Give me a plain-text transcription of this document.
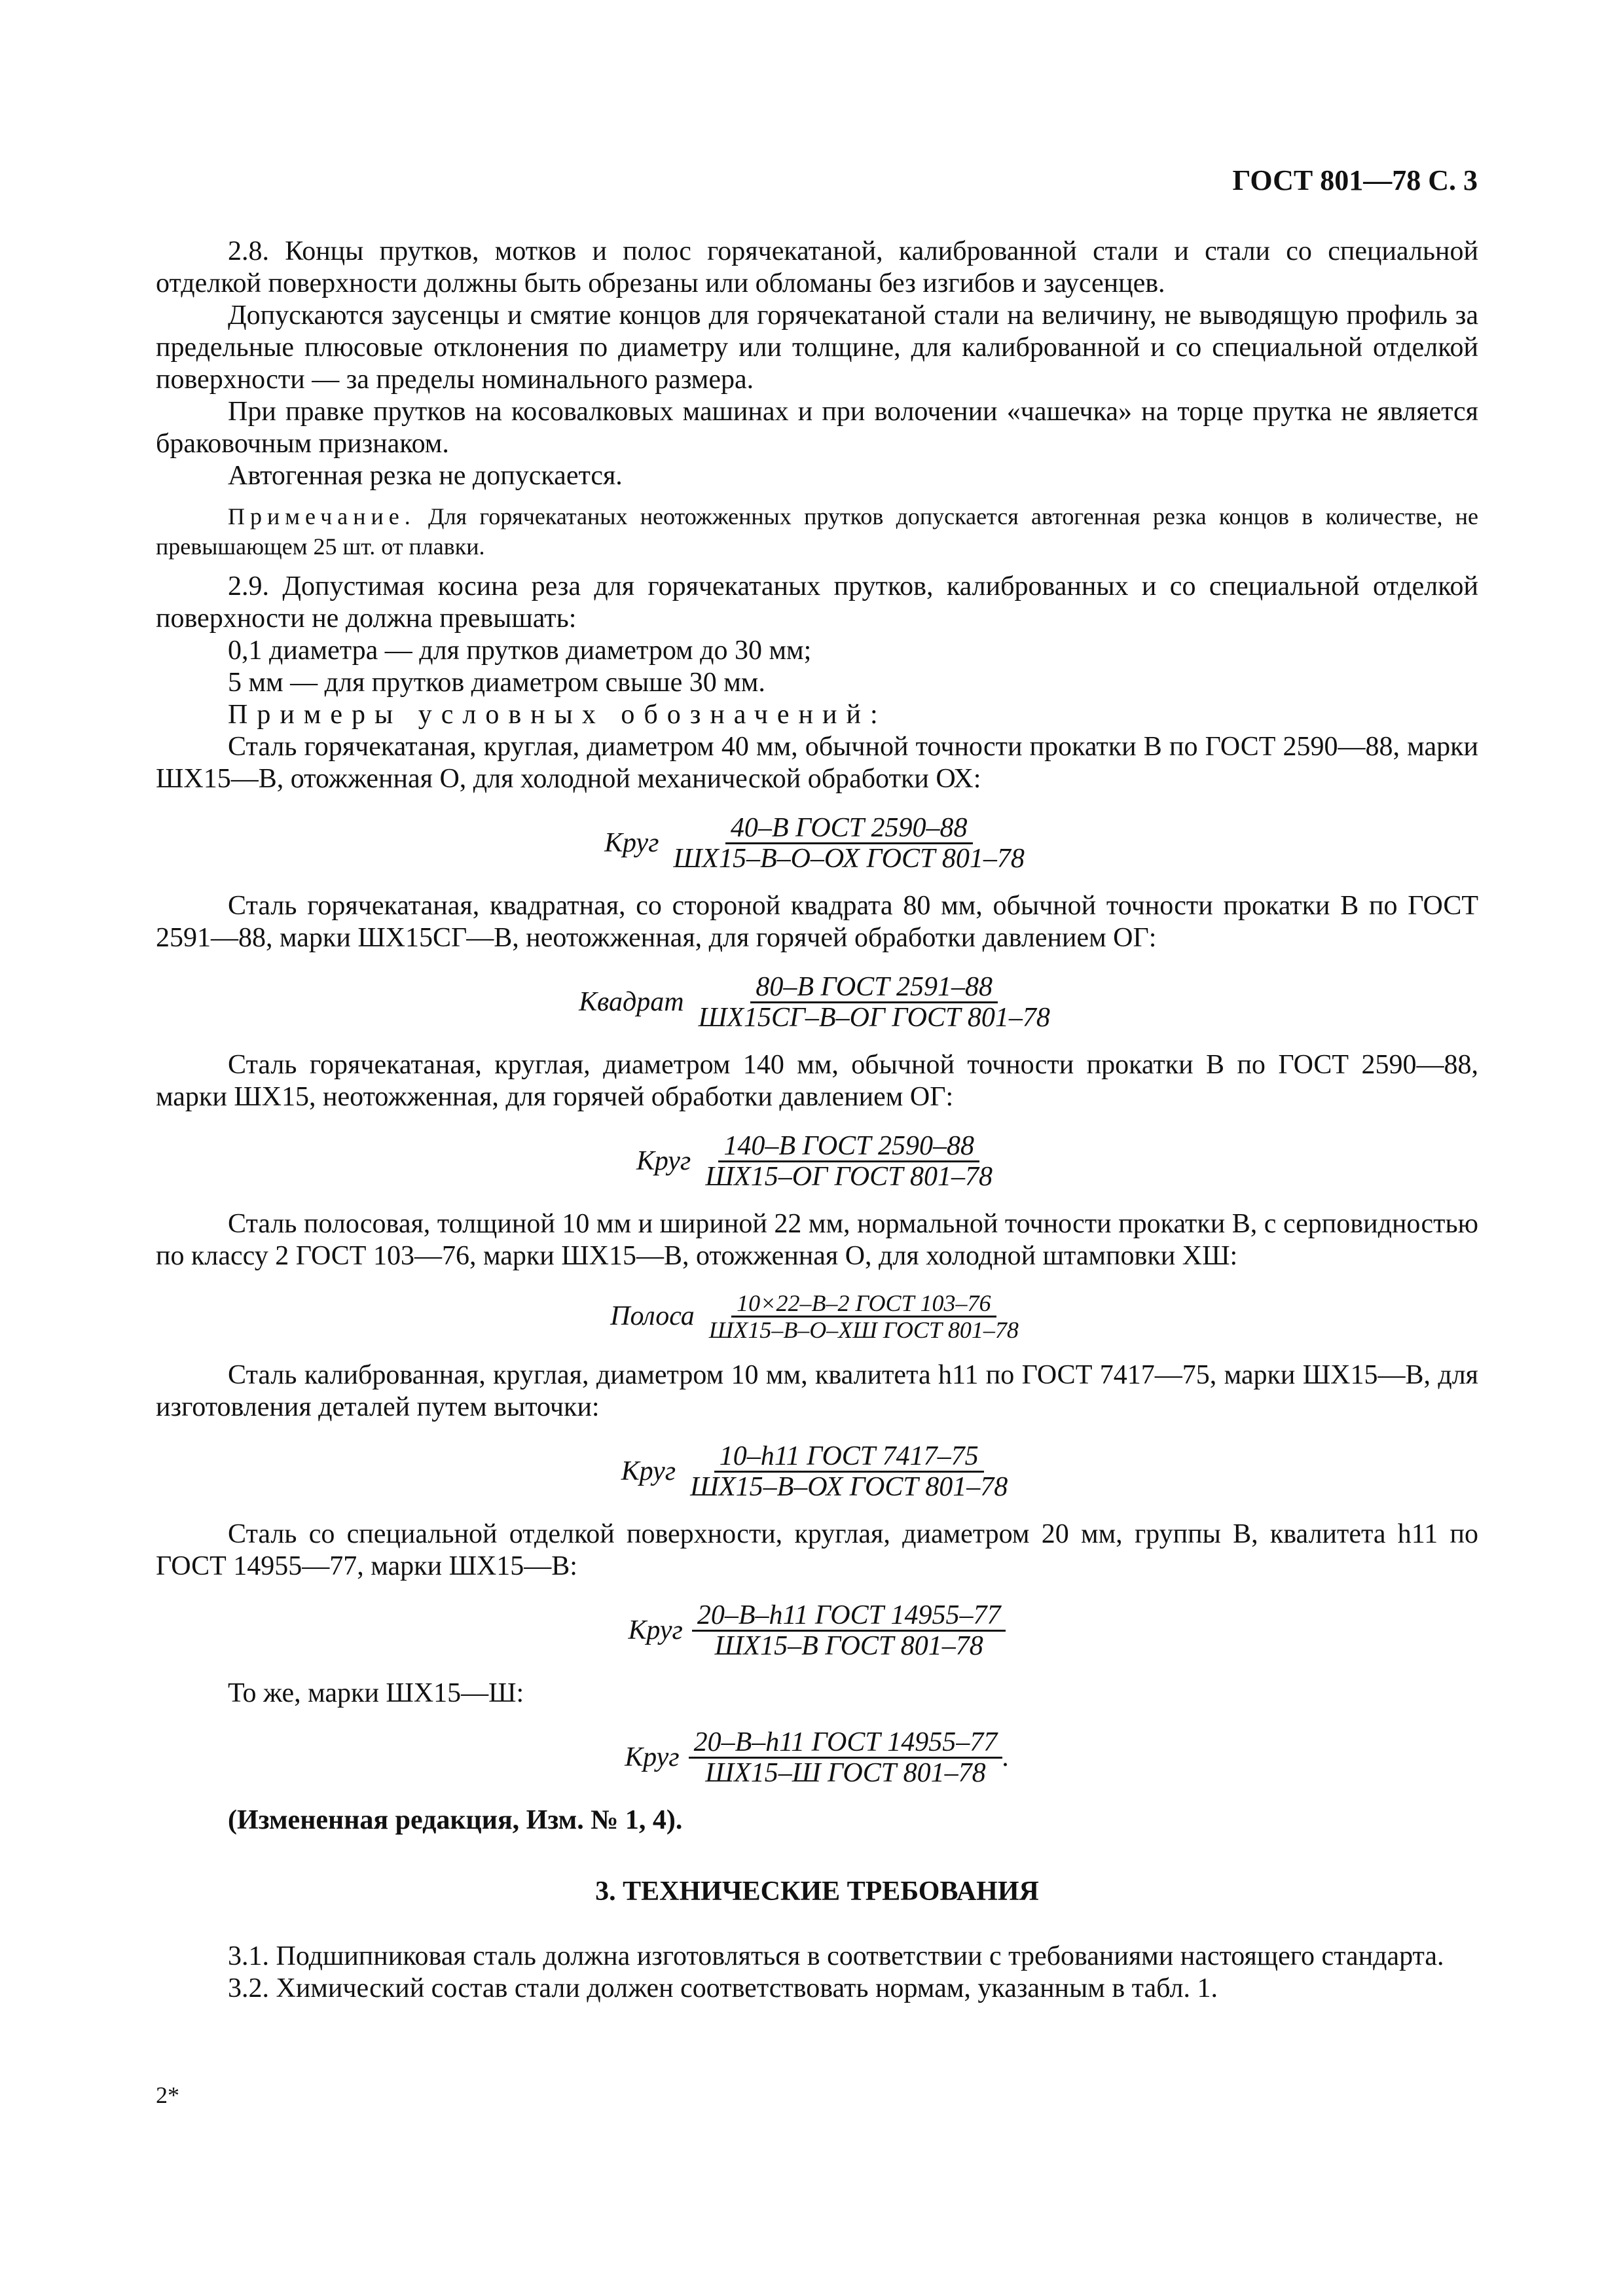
ГОСТ 801—78 С. 3

2.8. Концы прутков, мотков и полос горячекатаной, калиброванной стали и стали со специальной отделкой поверхности должны быть обрезаны или обломаны без изгибов и заусенцев.

Допускаются заусенцы и смятие концов для горячекатаной стали на величину, не выводящую профиль за предельные плюсовые отклонения по диаметру или толщине, для калиброванной и со специальной отделкой поверхности — за пределы номинального размера.

При правке прутков на косовалковых машинах и при волочении «чашечка» на торце прутка не является браковочным признаком.

Автогенная резка не допускается.

Примечание. Для горячекатаных неотожженных прутков допускается автогенная резка концов в количестве, не превышающем 25 шт. от плавки.

2.9. Допустимая косина реза для горячекатаных прутков, калиброванных и со специальной отделкой поверхности не должна превышать:

0,1 диаметра — для прутков диаметром до 30 мм;

5 мм — для прутков диаметром свыше 30 мм.

Примеры условных обозначений:

Сталь горячекатаная, круглая, диаметром 40 мм, обычной точности прокатки В по ГОСТ 2590—88, марки ШХ15—В, отожженная О, для холодной механической обработки ОХ:

Круг $\frac{\text{40–В ГОСТ 2590–88}}{\text{ШХ15–В–О–ОХ ГОСТ 801–78}}$

Сталь горячекатаная, квадратная, со стороной квадрата 80 мм, обычной точности прокатки В по ГОСТ 2591—88, марки ШХ15СГ—В, неотожженная, для горячей обработки давлением ОГ:

Квадрат $\frac{\text{80–В ГОСТ 2591–88}}{\text{ШХ15СГ–В–ОГ ГОСТ 801–78}}$

Сталь горячекатаная, круглая, диаметром 140 мм, обычной точности прокатки В по ГОСТ 2590—88, марки ШХ15, неотожженная, для горячей обработки давлением ОГ:

Круг $\frac{\text{140–В ГОСТ 2590–88}}{\text{ШХ15–ОГ ГОСТ 801–78}}$

Сталь полосовая, толщиной 10 мм и шириной 22 мм, нормальной точности прокатки В, с серповидностью по классу 2 ГОСТ 103—76, марки ШХ15—В, отожженная О, для холодной штамповки ХШ:

Полоса $\frac{\text{10×22–В–2 ГОСТ 103–76}}{\text{ШХ15–В–О–ХШ ГОСТ 801–78}}$

Сталь калиброванная, круглая, диаметром 10 мм, квалитета h11 по ГОСТ 7417—75, марки ШХ15—В, для изготовления деталей путем выточки:

Круг $\frac{\text{10–h11 ГОСТ 7417–75}}{\text{ШХ15–В–ОХ ГОСТ 801–78}}$

Сталь со специальной отделкой поверхности, круглая, диаметром 20 мм, группы В, квалитета h11 по ГОСТ 14955—77, марки ШХ15—В:

Круг $\frac{\text{20–В–h11 ГОСТ 14955–77}}{\text{ШХ15–В ГОСТ 801–78}}$

То же, марки ШХ15—Ш:

Круг $\frac{\text{20–В–h11 ГОСТ 14955–77}}{\text{ШХ15–Ш ГОСТ 801–78}}$ .

(Измененная редакция, Изм. № 1, 4).

3. ТЕХНИЧЕСКИЕ ТРЕБОВАНИЯ

3.1. Подшипниковая сталь должна изготовляться в соответствии с требованиями настоящего стандарта.

3.2. Химический состав стали должен соответствовать нормам, указанным в табл. 1.

2*
